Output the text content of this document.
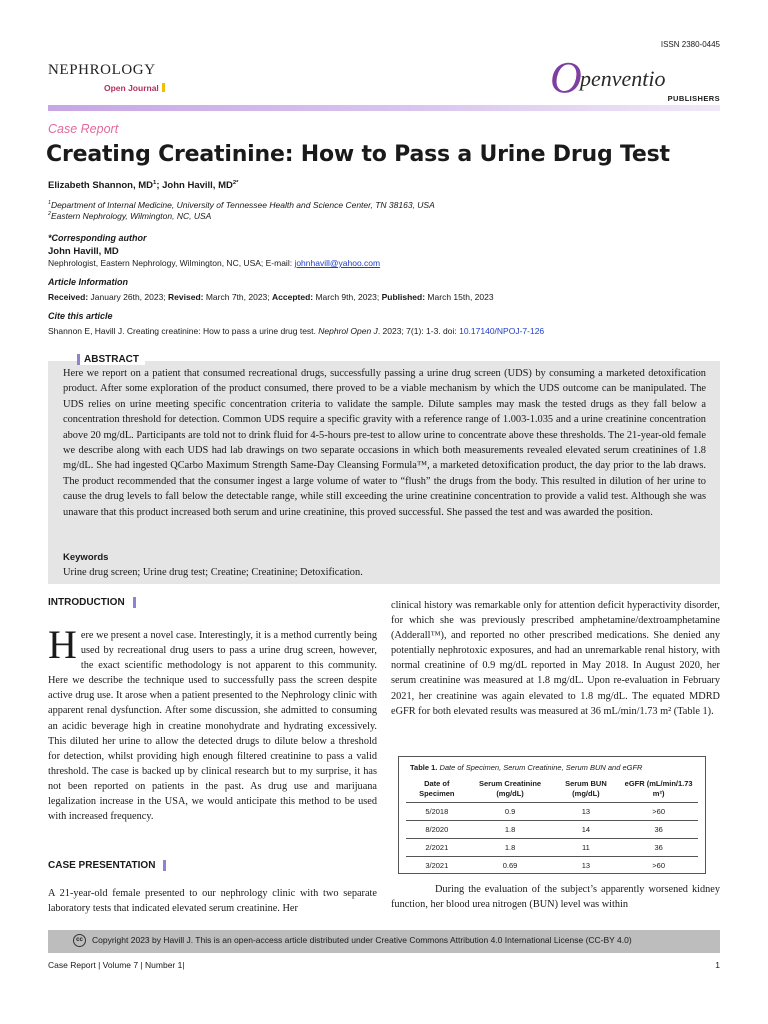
ISSN 2380-0445
NEPHROLOGY
Open Journal	O
penventio
PUBLISHERS
Case Report
Creating Creatinine: How to Pass a Urine Drug Test
Elizabeth Shannon, $MD^1$; John Havill, $MD^{2*}$
$^1$Department of Internal Medicine, University of Tennessee Health and Science Center, TN 38163, USA
$^2$Eastern Nephrology, Wilmington, NC, USA
*Corresponding author
John Havill, MD
Nephrologist, Eastern Nephrology, Wilmington, NC, USA; E-mail: johnhavill@yahoo.com
Article Information
Received: January 26th, 2023; Revised: March 7th, 2023; Accepted: March 9th, 2023; Published: March 15th, 2023
Cite this article
Shannon E, Havill J. Creating creatinine: How to pass a urine drug test. Nephrol Open J. 2023; 7(1): 1-3. doi: 10.17140/NPOJ-7-126
ABSTRACT
Here we report on a patient that consumed recreational drugs, successfully passing a urine drug screen (UDS) by consuming a marketed detoxification product. After some exploration of the product consumed, there proved to be a viable mechanism by which the UDS outcome can be manipulated. The UDS relies on urine meeting specific concentration criteria to validate the sample. Dilute samples may mask the tested drugs as they fall below a concentration threshold for detection. Common UDS require a specific gravity with a reference range of 1.003-1.035 and a urine creatinine concentration above 20 mg/dL. Participants are told not to drink fluid for 4-5-hours pre-test to allow urine to concentrate above these thresholds. The 21-year-old female we describe along with each UDS had lab drawings on two separate occasions in which both measurements revealed elevated serum creatinines of 1.8 mg/dL. She had ingested QCarbo Maximum Strength Same-Day Cleansing Formula™, a marketed detoxification product, the day prior to the lab draws. The product recommended that the consumer ingest a large volume of water to “flush” the drugs from the body. This resulted in dilution of her urine to cause the drug levels to fall below the detectable range, while still exceeding the urine creatinine concentration to provide a valid test. Although she was unaware that this product increased both serum and urine creatinine, this proved successful. She passed the test and was awarded the position.
Keywords
Urine drug screen; Urine drug test; Creatine; Creatinine; Detoxification.
INTRODUCTION
Here we present a novel case. Interestingly, it is a method currently being used by recreational drug users to pass a urine drug screen, however, the exact scientific methodology is not apparent to this community. Here we describe the technique used to successfully pass the screen despite active drug use. It arose when a patient presented to the Nephrology clinic with apparent renal dysfunction. After some discussion, she admitted to consuming an acidic beverage high in creatine monohydrate and hydrating excessively. This diluted her urine to allow the detected drugs to dilute below a threshold for detection, whilst providing high enough filtered creatinine to pass a valid threshold. The case is backed up by clinical research but to my surprise, it has not been reported on patients in the past. As drug use and marijuana legalization increase in the USA, we would anticipate this method to be used with increased frequency.
CASE PRESENTATION
A 21-year-old female presented to our nephrology clinic with two separate laboratory tests that indicated elevated serum creatinine. Her
clinical history was remarkable only for attention deficit hyperactivity disorder, for which she was previously prescribed amphetamine/dextroamphetamine (Adderall™), and reported no other prescribed medications. She denied any potentially nephrotoxic exposures, and had an unremarkable renal history, with normal creatinine of 0.9 mg/dL reported in May 2018. In August 2020, her serum creatinine was measured at 1.8 mg/dL. Upon re-evaluation in February 2021, her creatinine was again elevated to 1.8 mg/dL. The equated MDRD eGFR for both elevated results was measured at 36 mL/min/1.73 m² (Table 1).
Table 1. Date of Specimen, Serum Creatinine, Serum BUN and eGFR
Date of Specimen	Serum Creatinine (mg/dL)	Serum BUN (mg/dL)	eGFR (mL/min/1.73 m²)
5/2018	0.9	13	>60
8/2020	1.8	14	36
2/2021	1.8	11	36
3/2021	0.69	13	>60
During the evaluation of the subject’s apparently worsened kidney function, her blood urea nitrogen (BUN) level was within
cc	Copyright 2023 by Havill J. This is an open-access article distributed under Creative Commons Attribution 4.0 International License (CC-BY 4.0)
Case Report | Volume 7 | Number 1|	1
